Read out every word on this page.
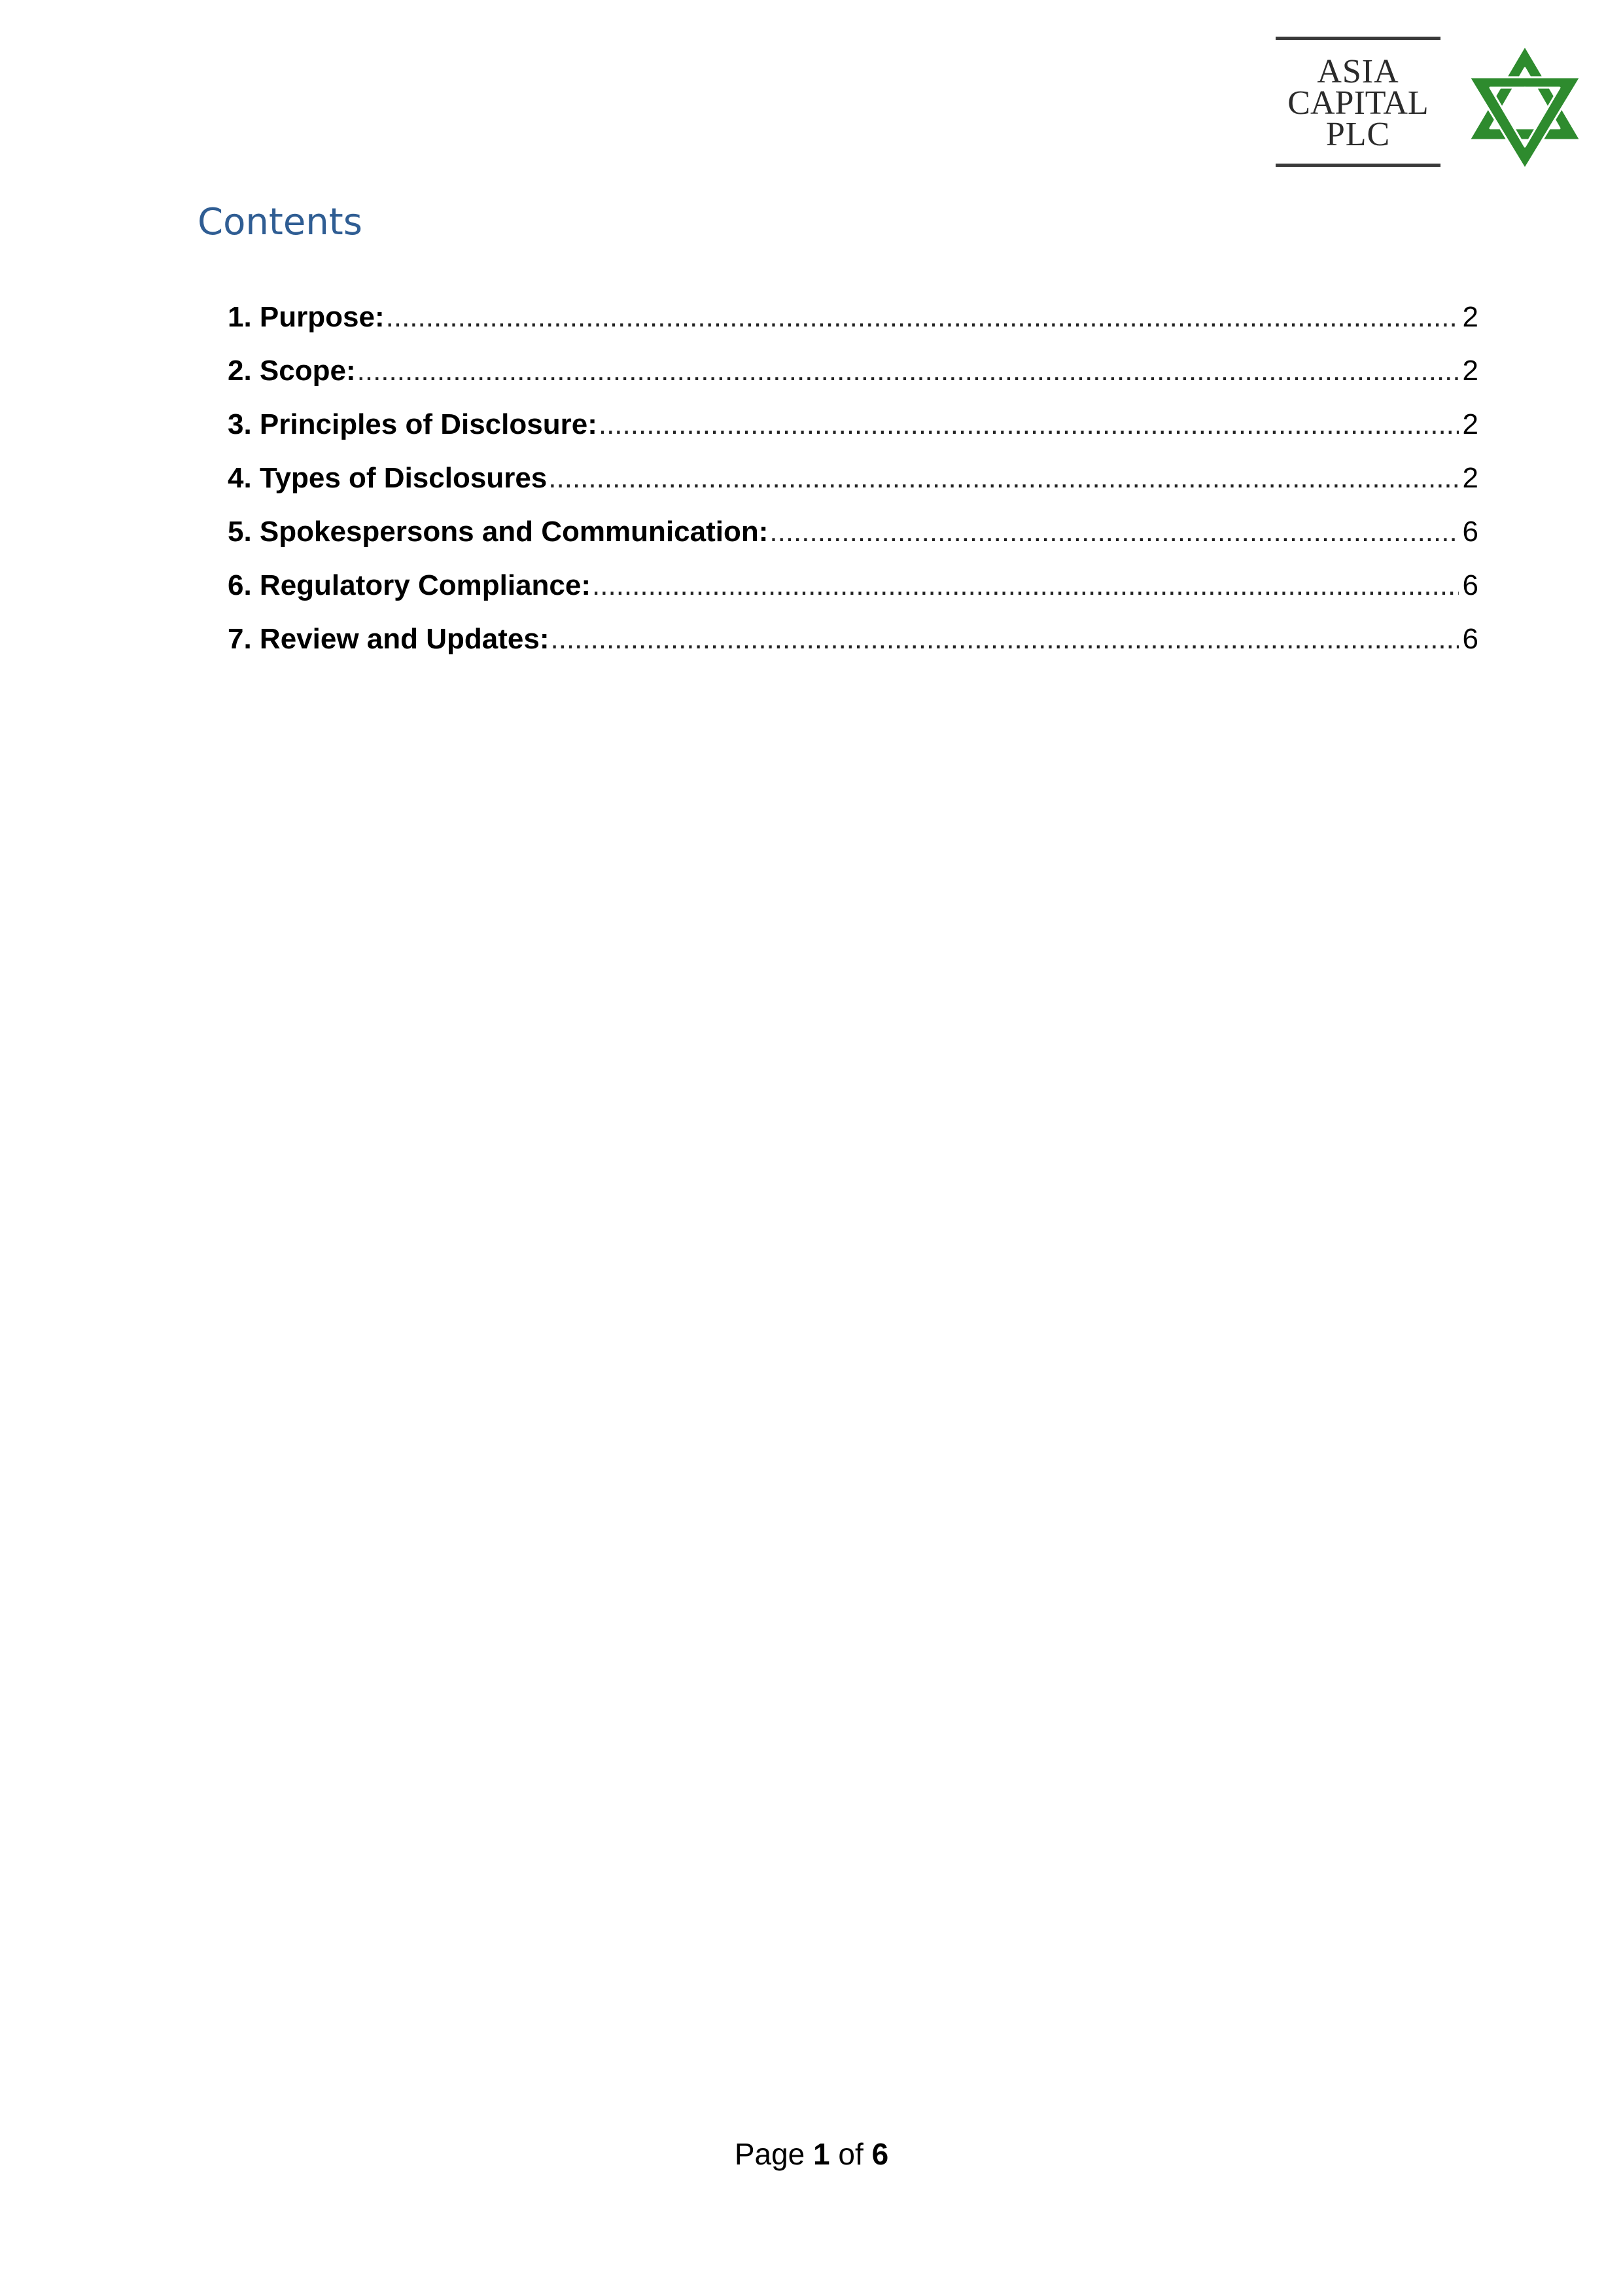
ASIA
CAPITAL
PLC
Contents
1. Purpose: .....	2
2. Scope: .....	2
3. Principles of Disclosure: .....	2
4. Types of Disclosures .....	2
5. Spokespersons and Communication: .....	6
6. Regulatory Compliance: .....	6
7. Review and Updates: .....	6
Page 1 of 6
